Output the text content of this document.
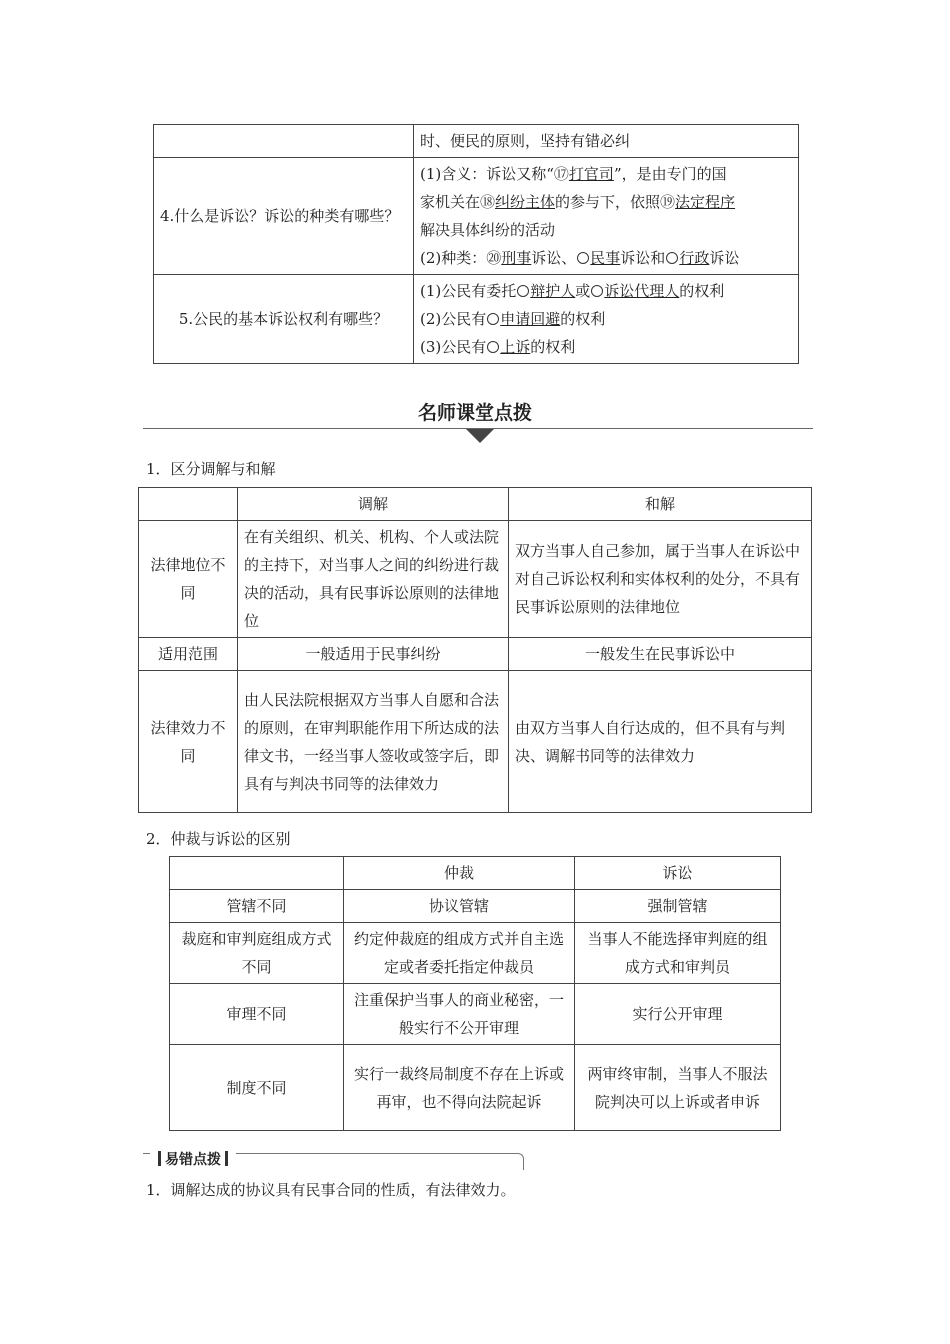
	时、便民的原则，坚持有错必纠
4.什么是诉讼？诉讼的种类有哪些？	(1)含义：诉讼又称“⑰打官司”，是由专门的国
家机关在⑱纠纷主体的参与下，依照⑲法定程序
解决具体纠纷的活动
(2)种类：⑳刑事诉讼、 民事诉讼和 行政诉讼

5.公民的基本诉讼权利有哪些？	(1)公民有委托 辩护人或 诉讼代理人的权利
(2)公民有 申请回避的权利
(3)公民有 上诉的权利
名师课堂点拨
1．区分调解与和解
	调解	和解
法律地位不同	在有关组织、机关、机构、个人或法院的主持下，对当事人之间的纠纷进行裁决的活动，具有民事诉讼原则的法律地位	双方当事人自己参加，属于当事人在诉讼中对自己诉讼权利和实体权利的处分，不具有民事诉讼原则的法律地位
适用范围	一般适用于民事纠纷	一般发生在民事诉讼中
法律效力不同	由人民法院根据双方当事人自愿和合法的原则，在审判职能作用下所达成的法律文书，一经当事人签收或签字后，即具有与判决书同等的法律效力	由双方当事人自行达成的，但不具有与判决、调解书同等的法律效力
2．仲裁与诉讼的区别
	仲裁	诉讼
管辖不同	协议管辖	强制管辖
裁庭和审判庭组成方式不同	约定仲裁庭的组成方式并自主选定或者委托指定仲裁员	当事人不能选择审判庭的组成方式和审判员
审理不同	注重保护当事人的商业秘密，一般实行不公开审理	实行公开审理
制度不同	实行一裁终局制度不存在上诉或再审，也不得向法院起诉	两审终审制，当事人不服法院判决可以上诉或者申诉
易错点拨
1．调解达成的协议具有民事合同的性质，有法律效力。
